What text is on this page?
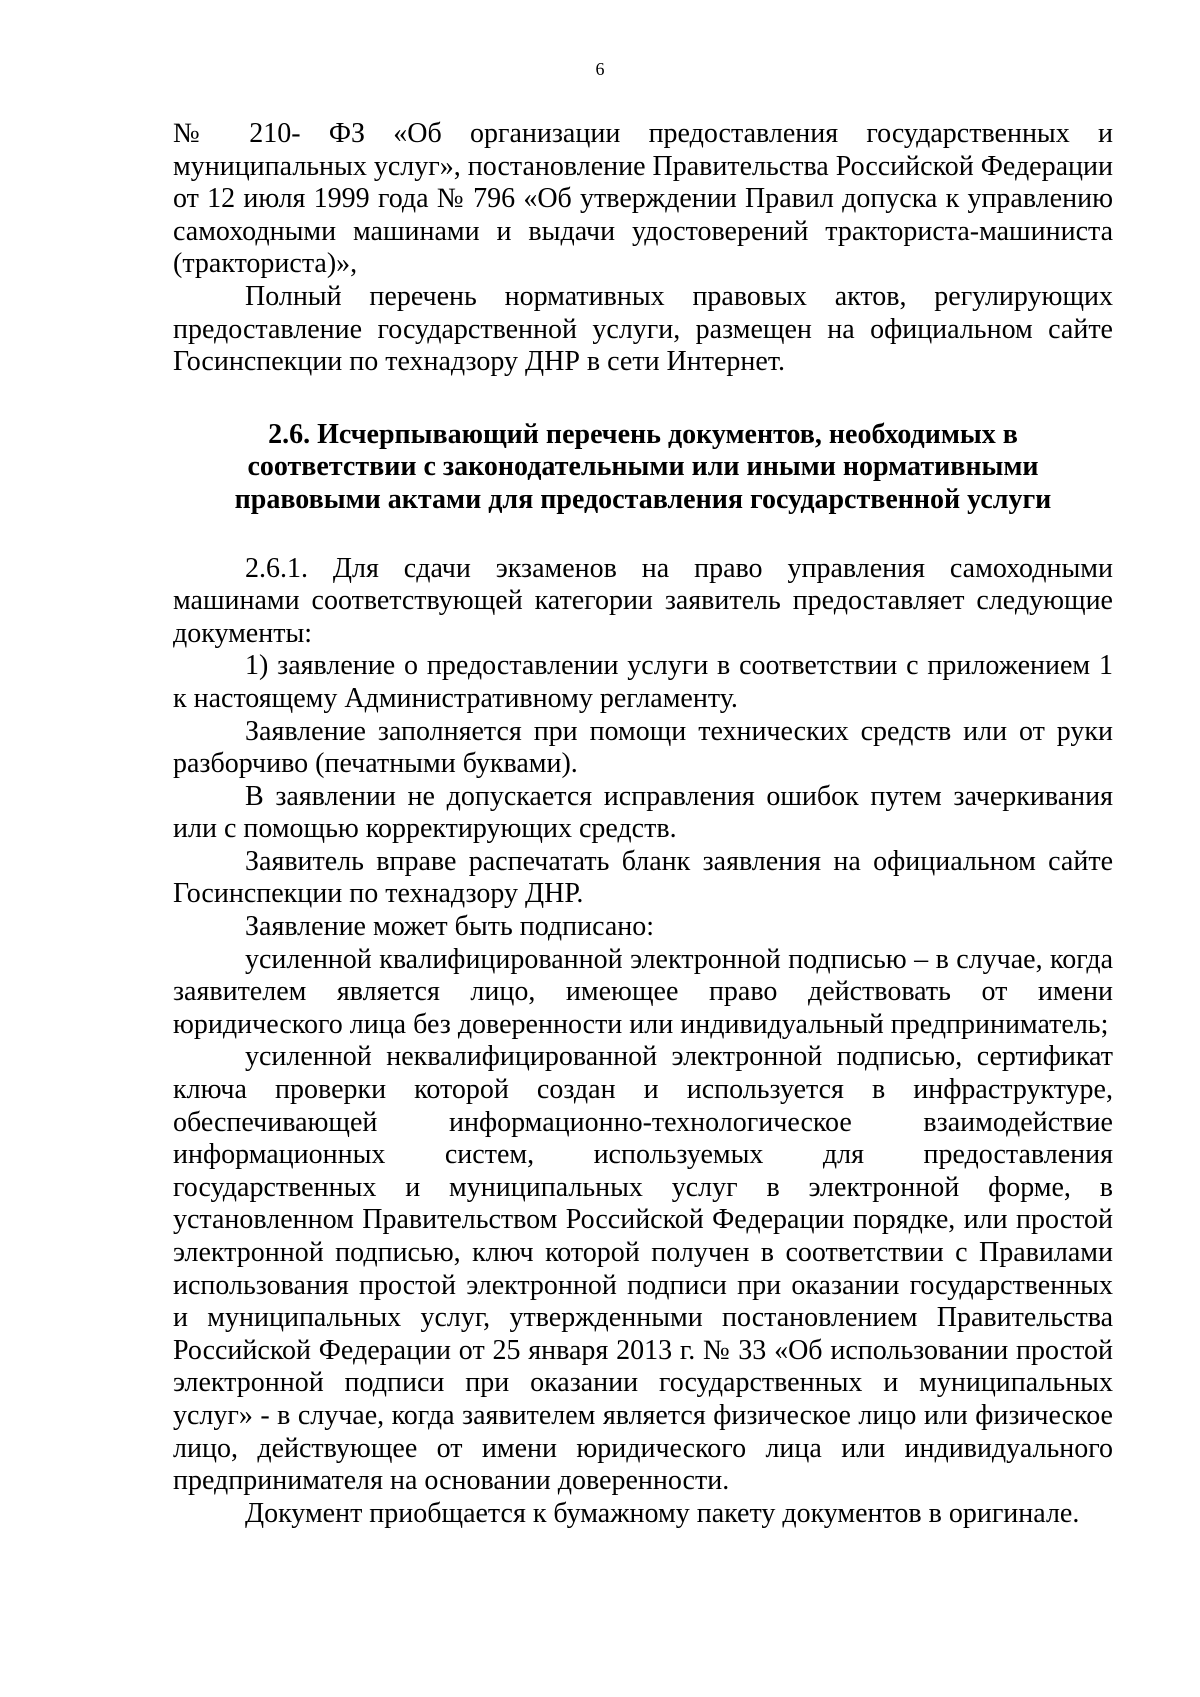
6

№ 210- ФЗ «Об организации предоставления государственных и муниципальных услуг», постановление Правительства Российской Федерации от 12 июля 1999 года № 796 «Об утверждении Правил допуска к управлению самоходными машинами и выдачи удостоверений тракториста-машиниста (тракториста)»,

Полный перечень нормативных правовых актов, регулирующих предоставление государственной услуги, размещен на официальном сайте Госинспекции по технадзору ДНР в сети Интернет.

2.6. Исчерпывающий перечень документов, необходимых в соответствии с законодательными или иными нормативными правовыми актами для предоставления государственной услуги

2.6.1. Для сдачи экзаменов на право управления самоходными машинами соответствующей категории заявитель предоставляет следующие документы:

1) заявление о предоставлении услуги в соответствии с приложением 1 к настоящему Административному регламенту.

Заявление заполняется при помощи технических средств или от руки разборчиво (печатными буквами).

В заявлении не допускается исправления ошибок путем зачеркивания или с помощью корректирующих средств.

Заявитель вправе распечатать бланк заявления на официальном сайте Госинспекции по технадзору ДНР.

Заявление может быть подписано:

усиленной квалифицированной электронной подписью – в случае, когда заявителем является лицо, имеющее право действовать от имени юридического лица без доверенности или индивидуальный предприниматель;

усиленной неквалифицированной электронной подписью, сертификат ключа проверки которой создан и используется в инфраструктуре, обеспечивающей информационно-технологическое взаимодействие информационных систем, используемых для предоставления государственных и муниципальных услуг в электронной форме, в установленном Правительством Российской Федерации порядке, или простой электронной подписью, ключ которой получен в соответствии с Правилами использования простой электронной подписи при оказании государственных и муниципальных услуг, утвержденными постановлением Правительства Российской Федерации от 25 января 2013 г. № 33 «Об использовании простой электронной подписи при оказании государственных и муниципальных услуг» - в случае, когда заявителем является физическое лицо или физическое лицо, действующее от имени юридического лица или индивидуального предпринимателя на основании доверенности.

Документ приобщается к бумажному пакету документов в оригинале.
